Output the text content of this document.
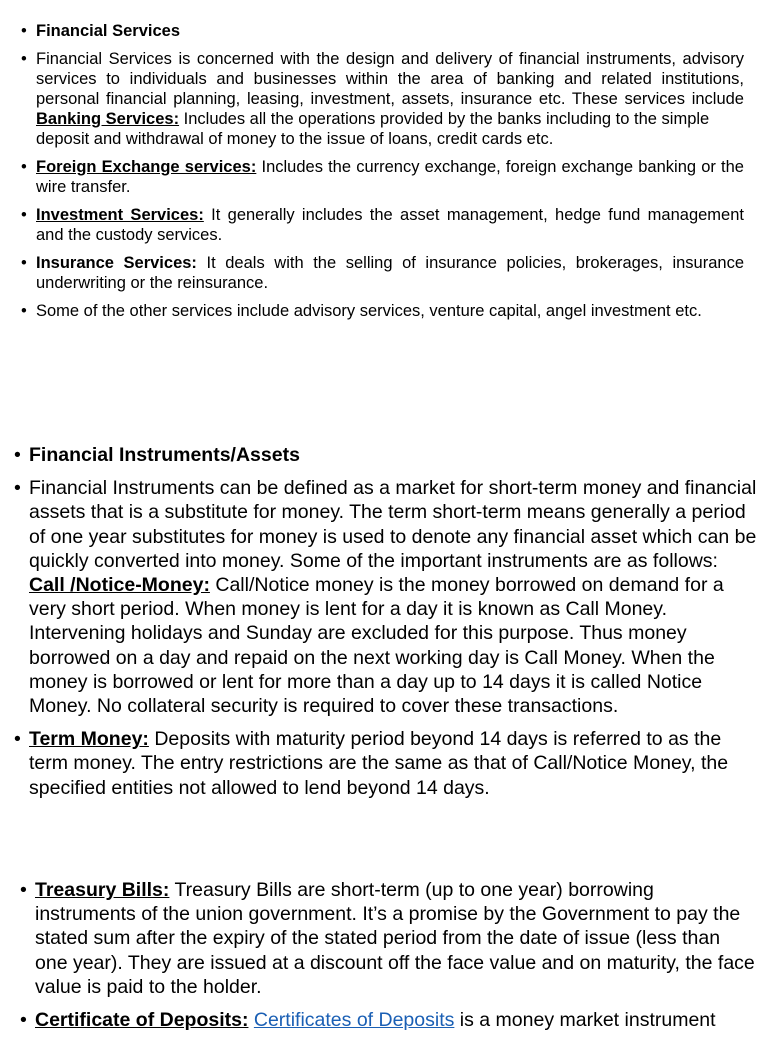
• Financial Services
• Financial Services is concerned with the design and delivery of financial instruments, advisory services to individuals and businesses within the area of banking and related institutions, personal financial planning, leasing, investment, assets, insurance etc. These services include
Banking Services: Includes all the operations provided by the banks including to the simple deposit and withdrawal of money to the issue of loans, credit cards etc.
• Foreign Exchange services: Includes the currency exchange, foreign exchange banking or the wire transfer.
• Investment Services: It generally includes the asset management, hedge fund management and the custody services.
• Insurance Services: It deals with the selling of insurance policies, brokerages, insurance underwriting or the reinsurance.
• Some of the other services include advisory services, venture capital, angel investment etc.
• Financial Instruments/Assets
• Financial Instruments can be defined as a market for short-term money and financial assets that is a substitute for money. The term short-term means generally a period of one year substitutes for money is used to denote any financial asset which can be quickly converted into money. Some of the important instruments are as follows:
Call /Notice-Money: Call/Notice money is the money borrowed on demand for a very short period. When money is lent for a day it is known as Call Money. Intervening holidays and Sunday are excluded for this purpose. Thus money borrowed on a day and repaid on the next working day is Call Money. When the money is borrowed or lent for more than a day up to 14 days it is called Notice Money. No collateral security is required to cover these transactions.
• Term Money: Deposits with maturity period beyond 14 days is referred to as the term money. The entry restrictions are the same as that of Call/Notice Money, the specified entities not allowed to lend beyond 14 days.
• Treasury Bills: Treasury Bills are short-term (up to one year) borrowing instruments of the union government. It’s a promise by the Government to pay the stated sum after the expiry of the stated period from the date of issue (less than one year). They are issued at a discount off the face value and on maturity, the face value is paid to the holder.
• Certificate of Deposits: Certificates of Deposits is a money market instrument
